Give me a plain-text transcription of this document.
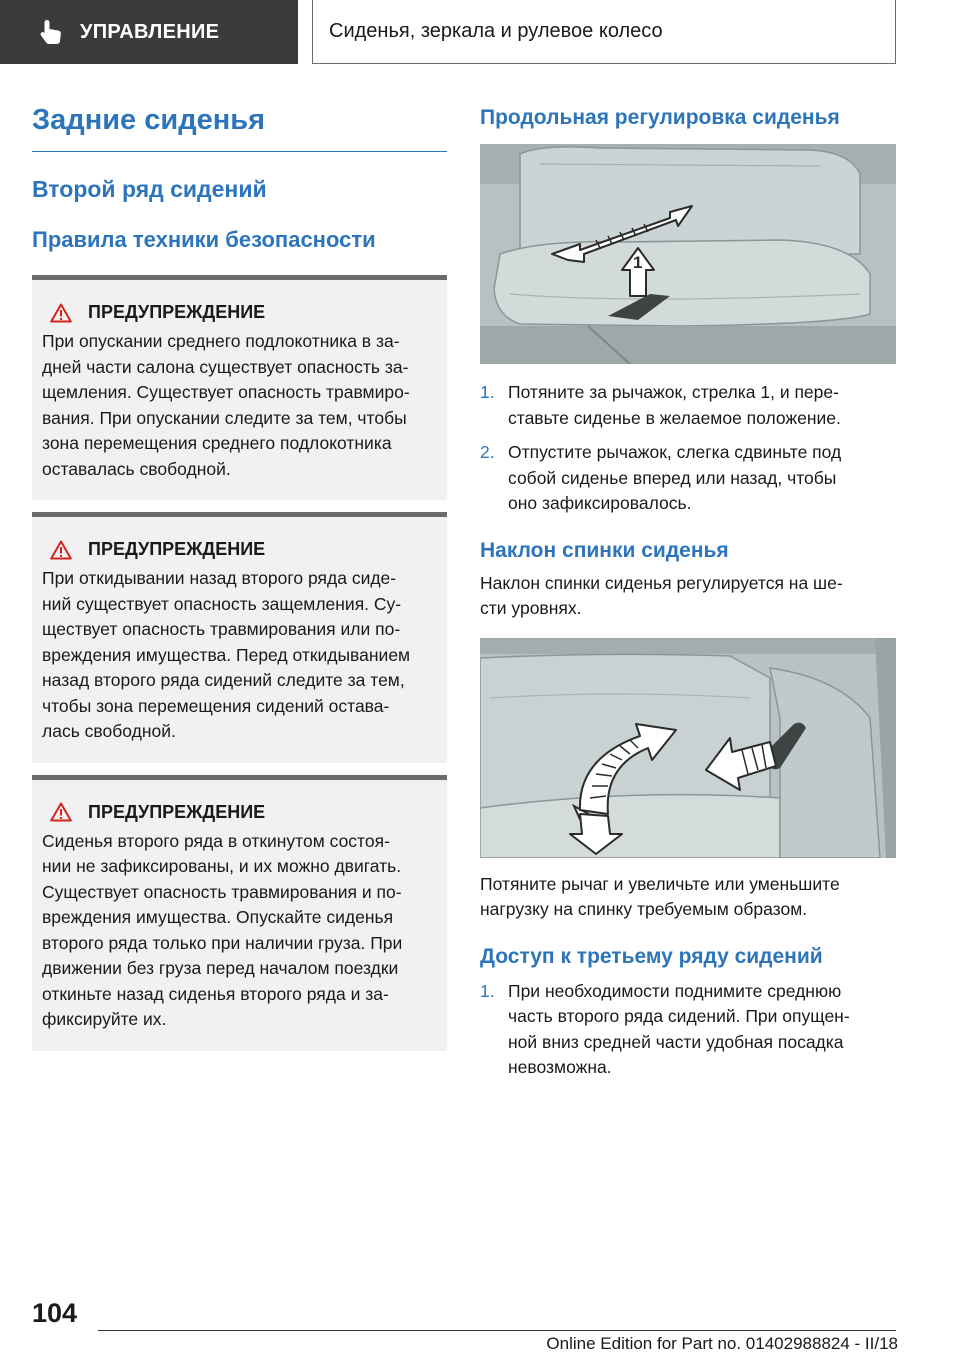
УПРАВЛЕНИЕ	Сиденья, зеркала и рулевое колесо
Задние сиденья
Второй ряд сидений
Правила техники безопасности
ПРЕДУПРЕЖДЕНИЕ
При опускании среднего подлокотника в за-
дней части салона существует опасность за-
щемления. Существует опасность травмиро-
вания. При опускании следите за тем, чтобы
зона перемещения среднего подлокотника
оставалась свободной.
ПРЕДУПРЕЖДЕНИЕ
При откидывании назад второго ряда сиде-
ний существует опасность защемления. Су-
ществует опасность травмирования или по-
вреждения имущества. Перед откидыванием
назад второго ряда сидений следите за тем,
чтобы зона перемещения сидений остава-
лась свободной.
ПРЕДУПРЕЖДЕНИЕ
Сиденья второго ряда в откинутом состоя-
нии не зафиксированы, и их можно двигать.
Существует опасность травмирования и по-
вреждения имущества. Опускайте сиденья
второго ряда только при наличии груза. При
движении без груза перед началом поездки
откиньте назад сиденья второго ряда и за-
фиксируйте их.
Продольная регулировка сиденья
1
1. Потяните за рычажок, стрелка 1, и пере-
ставьте сиденье в желаемое положение.
2. Отпустите рычажок, слегка сдвиньте под
собой сиденье вперед или назад, чтобы
оно зафиксировалось.
Наклон спинки сиденья

Наклон спинки сиденья регулируется на ше-
сти уровнях.

Потяните рычаг и увеличьте или уменьшите
нагрузку на спинку требуемым образом.

Доступ к третьему ряду сидений
1. При необходимости поднимите среднюю
часть второго ряда сидений. При опущен-
ной вниз средней части удобная посадка
невозможна.
104
Online Edition for Part no. 01402988824 - II/18
